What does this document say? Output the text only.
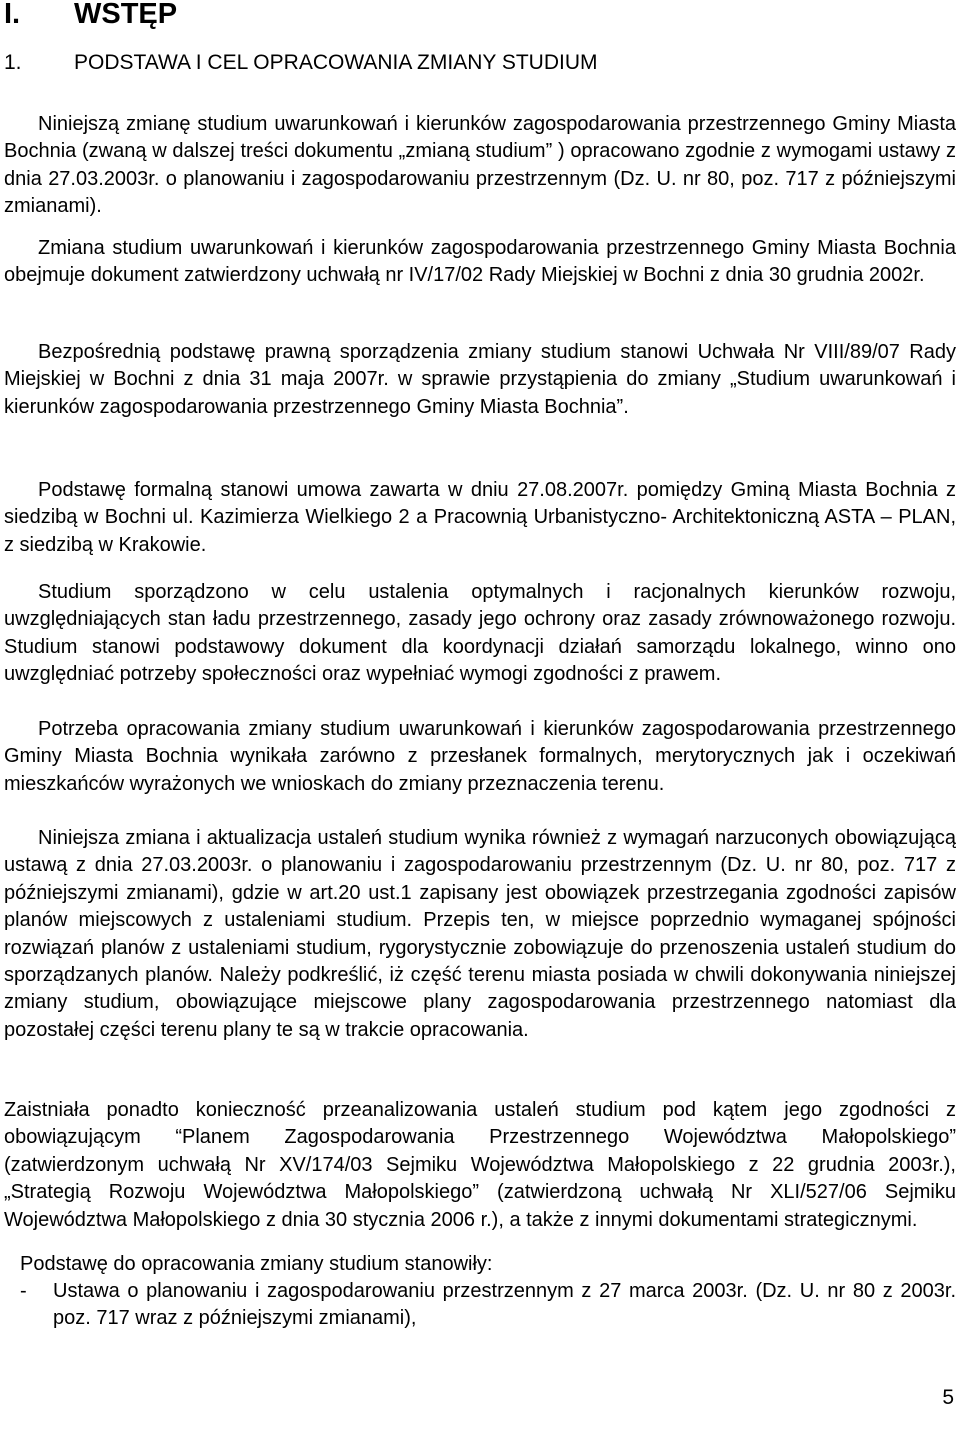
I. WSTĘP
1. PODSTAWA I CEL OPRACOWANIA ZMIANY STUDIUM

Niniejszą zmianę studium uwarunkowań i kierunków zagospodarowania przestrzennego Gminy Miasta Bochnia (zwaną w dalszej treści dokumentu „zmianą studium” ) opracowano zgodnie z wymogami ustawy z dnia 27.03.2003r. o planowaniu i zagospodarowaniu przestrzennym (Dz. U. nr 80, poz. 717 z późniejszymi zmianami).

Zmiana studium uwarunkowań i kierunków zagospodarowania przestrzennego Gminy Miasta Bochnia obejmuje dokument zatwierdzony uchwałą nr IV/17/02 Rady Miejskiej w Bochni z dnia 30 grudnia 2002r.

Bezpośrednią podstawę prawną sporządzenia zmiany studium stanowi Uchwała Nr VIII/89/07 Rady Miejskiej w Bochni z dnia 31 maja 2007r. w sprawie przystąpienia do zmiany „Studium uwarunkowań i kierunków zagospodarowania przestrzennego Gminy Miasta Bochnia”.

Podstawę formalną stanowi umowa zawarta w dniu 27.08.2007r. pomiędzy Gminą Miasta Bochnia z siedzibą w Bochni ul. Kazimierza Wielkiego 2 a Pracownią Urbanistyczno- Architektoniczną ASTA – PLAN, z siedzibą w Krakowie.

Studium sporządzono w celu ustalenia optymalnych i racjonalnych kierunków rozwoju, uwzględniających stan ładu przestrzennego, zasady jego ochrony oraz zasady zrównoważonego rozwoju. Studium stanowi podstawowy dokument dla koordynacji działań samorządu lokalnego, winno ono uwzględniać potrzeby społeczności oraz wypełniać wymogi zgodności z prawem.

Potrzeba opracowania zmiany studium uwarunkowań i kierunków zagospodarowania przestrzennego Gminy Miasta Bochnia wynikała zarówno z przesłanek formalnych, merytorycznych jak i oczekiwań mieszkańców wyrażonych we wnioskach do zmiany przeznaczenia terenu.

Niniejsza zmiana i aktualizacja ustaleń studium wynika również z wymagań narzuconych obowiązującą ustawą z dnia 27.03.2003r. o planowaniu i zagospodarowaniu przestrzennym (Dz. U. nr 80, poz. 717 z późniejszymi zmianami), gdzie w art.20 ust.1 zapisany jest obowiązek przestrzegania zgodności zapisów planów miejscowych z ustaleniami studium. Przepis ten, w miejsce poprzednio wymaganej spójności rozwiązań planów z ustaleniami studium, rygorystycznie zobowiązuje do przenoszenia ustaleń studium do sporządzanych planów. Należy podkreślić, iż część terenu miasta posiada w chwili dokonywania niniejszej zmiany studium, obowiązujące miejscowe plany zagospodarowania przestrzennego natomiast dla pozostałej części terenu plany te są w trakcie opracowania.

Zaistniała ponadto konieczność przeanalizowania ustaleń studium pod kątem jego zgodności z obowiązującym “Planem Zagospodarowania Przestrzennego Województwa Małopolskiego” (zatwierdzonym uchwałą Nr XV/174/03 Sejmiku Województwa Małopolskiego z 22 grudnia 2003r.), „Strategią Rozwoju Województwa Małopolskiego” (zatwierdzoną uchwałą Nr XLI/527/06 Sejmiku Województwa Małopolskiego z dnia 30 stycznia 2006 r.), a także z innymi dokumentami strategicznymi.

Podstawę do opracowania zmiany studium stanowiły:

- Ustawa o planowaniu i zagospodarowaniu przestrzennym z 27 marca 2003r. (Dz. U. nr 80 z 2003r. poz. 717 wraz z późniejszymi zmianami),
5
